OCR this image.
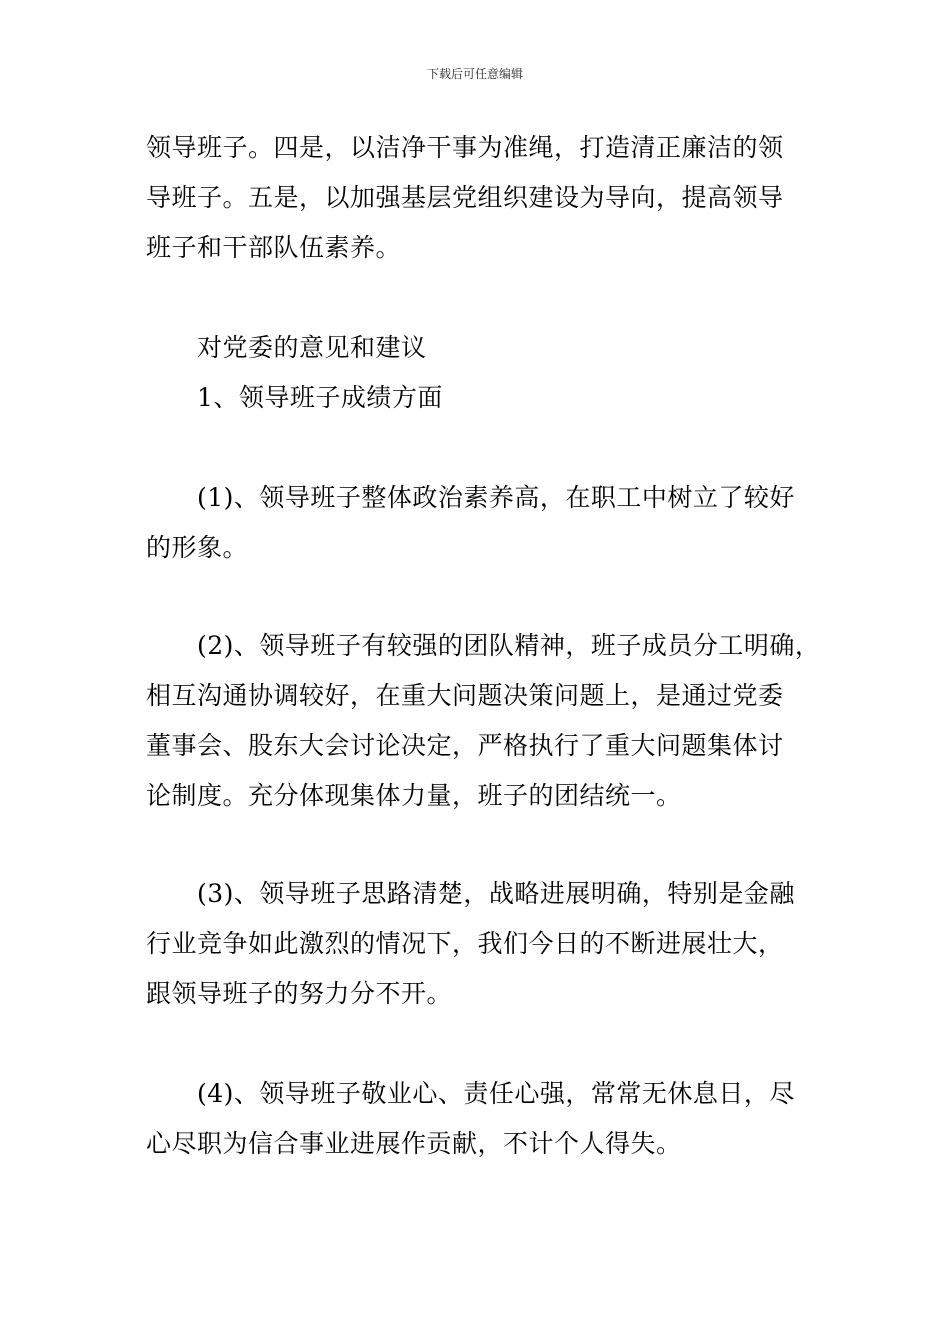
下载后可任意编辑
领导班子。四是，以洁净干事为准绳，打造清正廉洁的领
导班子。五是，以加强基层党组织建设为导向，提高领导
班子和干部队伍素养。
　　对党委的意见和建议
　　1、领导班子成绩方面
　　(1)、领导班子整体政治素养高，在职工中树立了较好
的形象。
　　(2)、领导班子有较强的团队精神，班子成员分工明确，
相互沟通协调较好，在重大问题决策问题上，是通过党委
董事会、股东大会讨论决定，严格执行了重大问题集体讨
论制度。充分体现集体力量，班子的团结统一。
　　(3)、领导班子思路清楚，战略进展明确，特别是金融
行业竞争如此激烈的情况下，我们今日的不断进展壮大，
跟领导班子的努力分不开。
　　(4)、领导班子敬业心、责任心强，常常无休息日，尽
心尽职为信合事业进展作贡献，不计个人得失。
